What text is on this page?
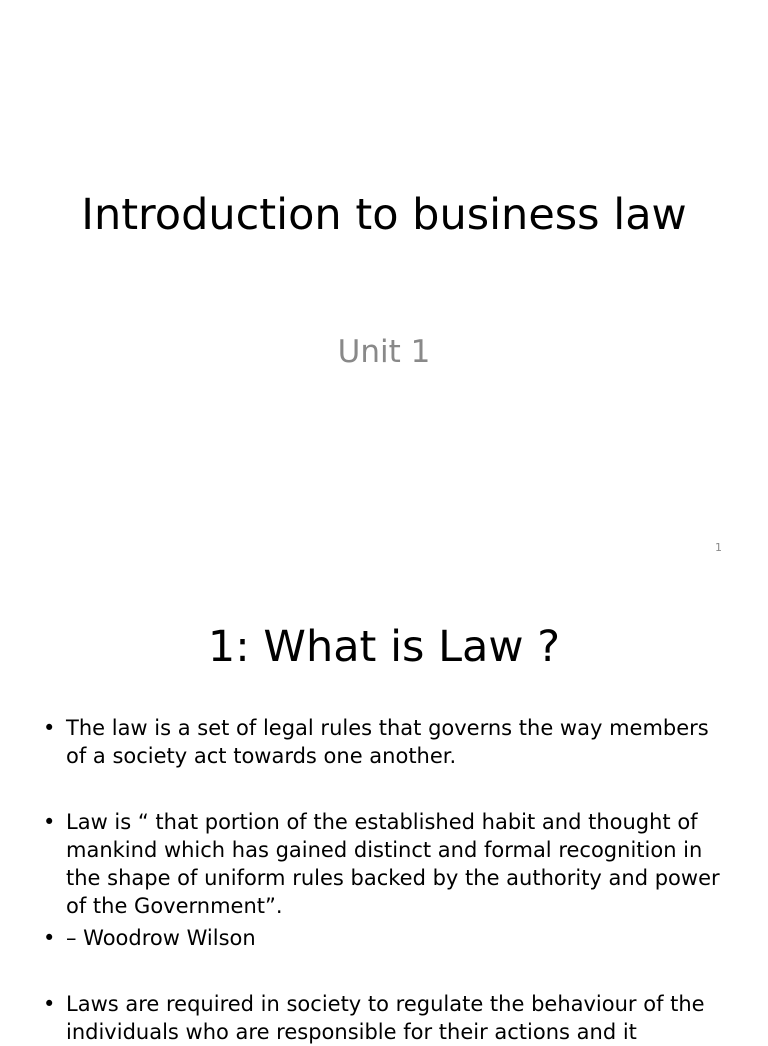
Introduction to business law
Unit 1
1
1: What is Law ?
• The law is a set of legal rules that governs the way members of a society act towards one another.
• Law is “ that portion of the established habit and thought of mankind which has gained distinct and formal recognition in the shape of uniform rules backed by the authority and power of the Government”.
• – Woodrow Wilson
• Laws are required in society to regulate the behaviour of the individuals who are responsible for their actions and it
